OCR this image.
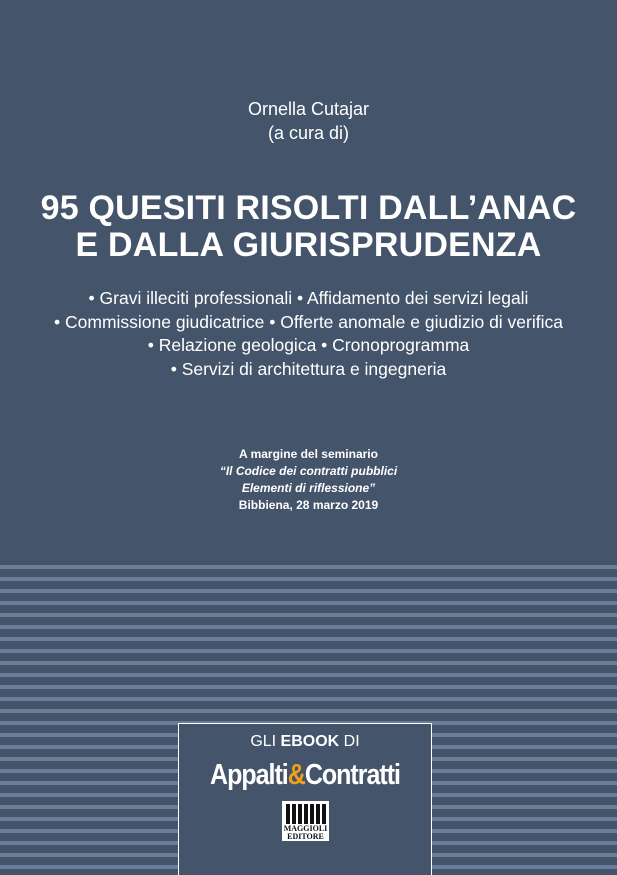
Ornella Cutajar
(a cura di)
95 QUESITI RISOLTI DALL’ANAC
E DALLA GIURISPRUDENZA
• Gravi illeciti professionali • Affidamento dei servizi legali
• Commissione giudicatrice • Offerte anomale e giudizio di verifica
• Relazione geologica • Cronoprogramma
• Servizi di architettura e ingegneria
A margine del seminario
“Il Codice dei contratti pubblici
Elementi di riflessione”
Bibbiena, 28 marzo 2019
GLI EBOOK DI
Appalti&Contratti
MAGGIOLI
EDITORE
